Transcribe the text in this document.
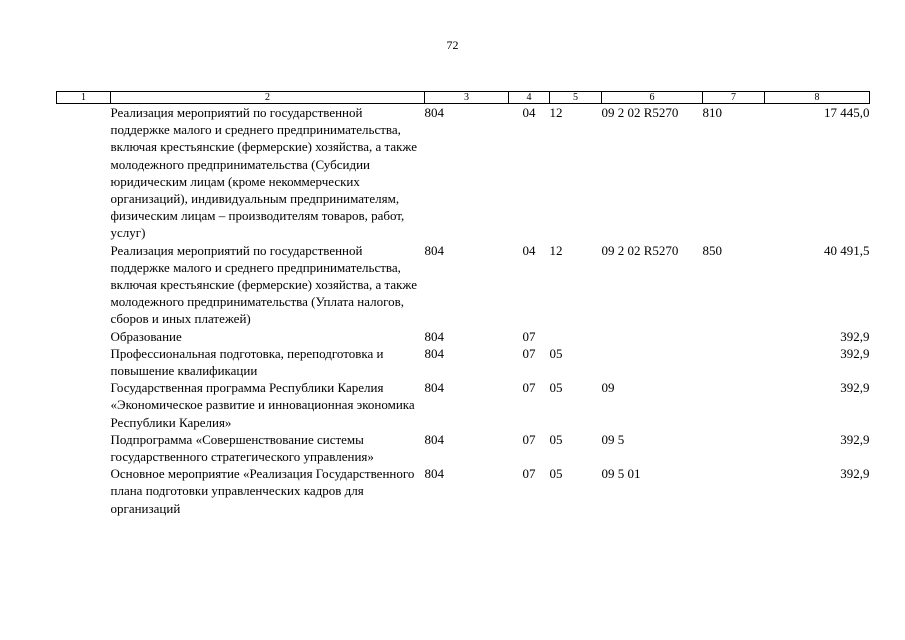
72
1	2	3	4	5	6	7	8
	Реализация мероприятий по государственной поддержке малого и среднего предпринимательства, включая крестьянские (фермерские) хозяйства, а также молодежного предпринимательства (Субсидии юридическим лицам (кроме некоммерческих организаций), индивидуальным предпринимателям, физическим лицам – производителям товаров, работ, услуг)	804	04	12	09 2 02 R5270	810	17 445,0
	Реализация мероприятий по государственной поддержке малого и среднего предпринимательства, включая крестьянские (фермерские) хозяйства, а также молодежного предпринимательства (Уплата налогов, сборов и иных платежей)	804	04	12	09 2 02 R5270	850	40 491,5
	Образование	804	07				392,9
	Профессиональная подготовка, переподготовка и повышение квалификации	804	07	05			392,9
	Государственная программа Республики Карелия «Экономическое развитие и инновационная экономика Республики Карелия»	804	07	05	09		392,9
	Подпрограмма «Совершенствование системы государственного стратегического управления»	804	07	05	09 5		392,9
	Основное мероприятие «Реализация Государственного плана подготовки управленческих кадров для организаций	804	07	05	09 5 01		392,9
